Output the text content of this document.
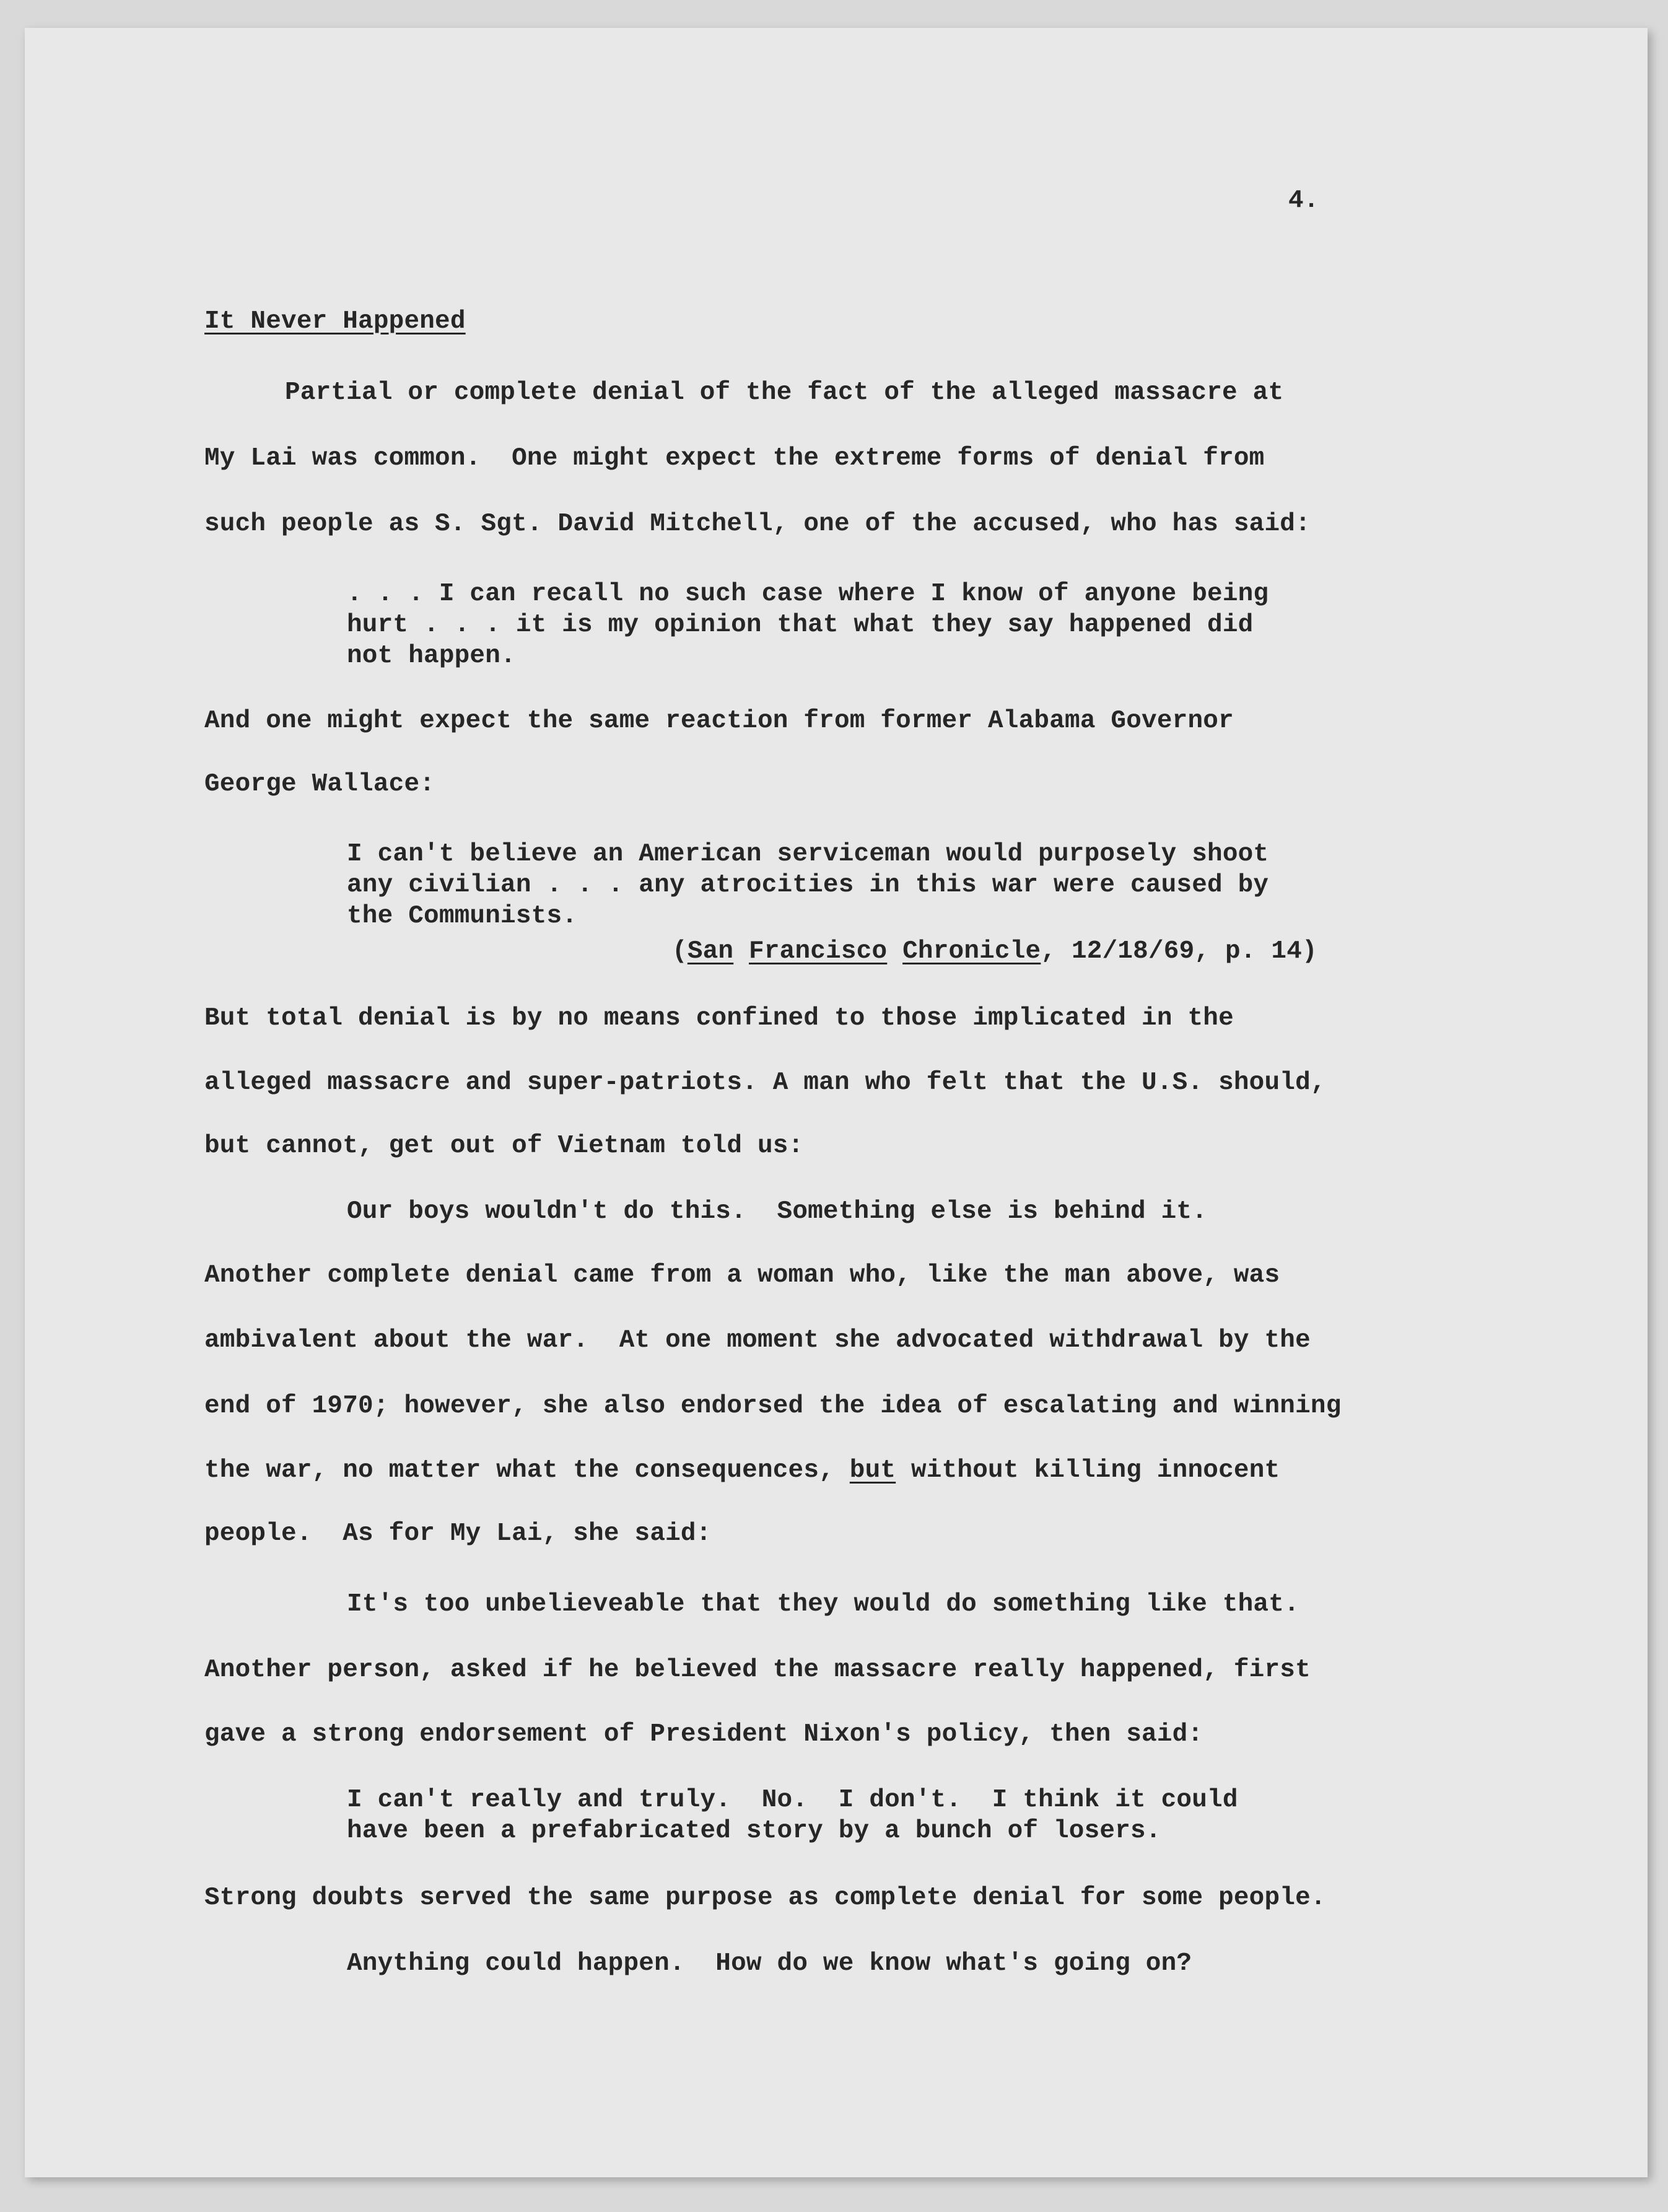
4.
It Never Happened
Partial or complete denial of the fact of the alleged massacre at
My Lai was common.  One might expect the extreme forms of denial from
such people as S. Sgt. David Mitchell, one of the accused, who has said:
. . . I can recall no such case where I know of anyone being
hurt . . . it is my opinion that what they say happened did
not happen.
And one might expect the same reaction from former Alabama Governor
George Wallace:
I can't believe an American serviceman would purposely shoot
any civilian . . . any atrocities in this war were caused by
the Communists.
(San Francisco Chronicle, 12/18/69, p. 14)
But total denial is by no means confined to those implicated in the
alleged massacre and super-patriots. A man who felt that the U.S. should,
but cannot, get out of Vietnam told us:
Our boys wouldn't do this.  Something else is behind it.
Another complete denial came from a woman who, like the man above, was
ambivalent about the war.  At one moment she advocated withdrawal by the
end of 1970; however, she also endorsed the idea of escalating and winning
the war, no matter what the consequences, but without killing innocent
people.  As for My Lai, she said:
It's too unbelieveable that they would do something like that.
Another person, asked if he believed the massacre really happened, first
gave a strong endorsement of President Nixon's policy, then said:
I can't really and truly.  No.  I don't.  I think it could
have been a prefabricated story by a bunch of losers.
Strong doubts served the same purpose as complete denial for some people.
Anything could happen.  How do we know what's going on?
